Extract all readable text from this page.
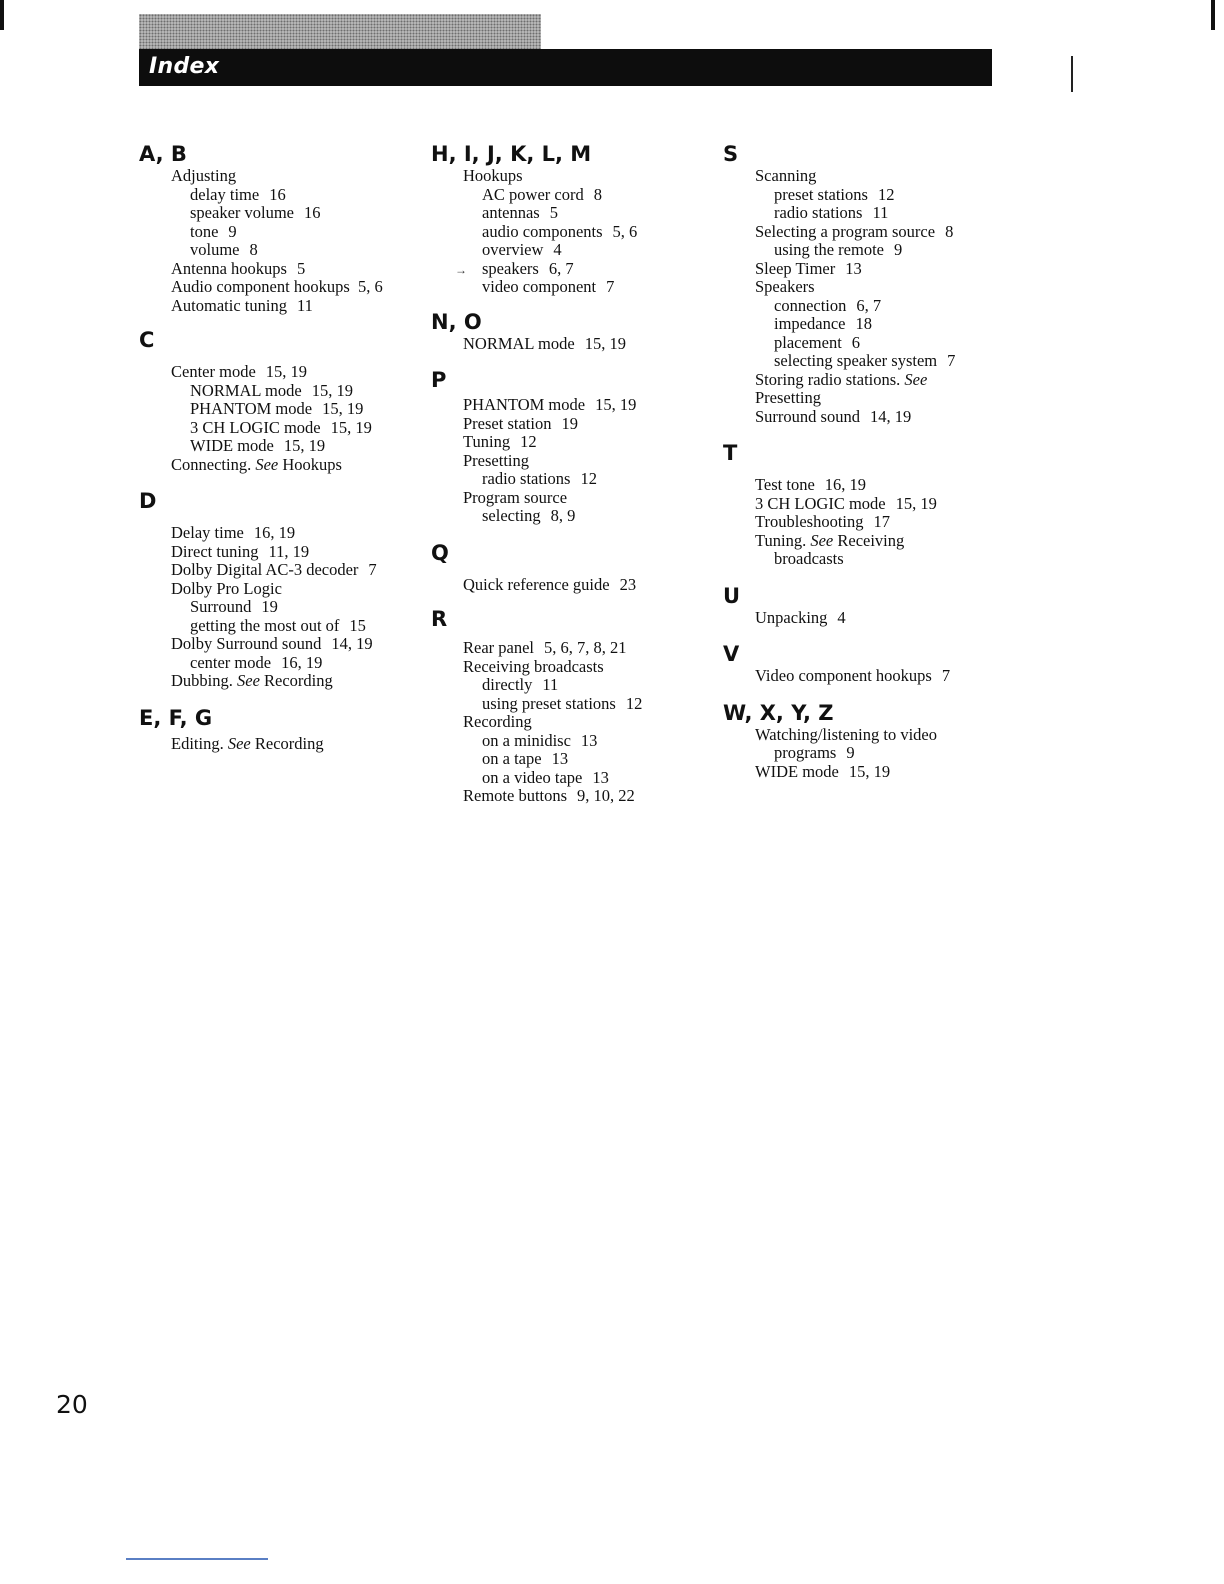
Index
A, B
Adjusting
delay time 16
speaker volume 16
tone 9
volume 8
Antenna hookups 5
Audio component hookups 5, 6
Automatic tuning 11
C
Center mode 15, 19
NORMAL mode 15, 19
PHANTOM mode 15, 19
3 CH LOGIC mode 15, 19
WIDE mode 15, 19
Connecting. See Hookups
D
Delay time 16, 19
Direct tuning 11, 19
Dolby Digital AC-3 decoder 7
Dolby Pro Logic
Surround 19
getting the most out of 15
Dolby Surround sound 14, 19
center mode 16, 19
Dubbing. See Recording
E, F, G
Editing. See Recording
H, I, J, K, L, M
Hookups
AC power cord 8
antennas 5
audio components 5, 6
overview 4
speakers 6, 7
video component 7
N, O
NORMAL mode 15, 19
P
PHANTOM mode 15, 19
Preset station 19
Tuning 12
Presetting
radio stations 12
Program source
selecting 8, 9
Q
Quick reference guide 23
R
Rear panel 5, 6, 7, 8, 21
Receiving broadcasts
directly 11
using preset stations 12
Recording
on a minidisc 13
on a tape 13
on a video tape 13
Remote buttons 9, 10, 22
S
Scanning
preset stations 12
radio stations 11
Selecting a program source 8
using the remote 9
Sleep Timer 13
Speakers
connection 6, 7
impedance 18
placement 6
selecting speaker system 7
Storing radio stations. See Presetting
Surround sound 14, 19
T
Test tone 16, 19
3 CH LOGIC mode 15, 19
Troubleshooting 17
Tuning. See Receiving
broadcasts
U
Unpacking 4
V
Video component hookups 7
W, X, Y, Z
Watching/listening to video
programs 9
WIDE mode 15, 19
→
20
